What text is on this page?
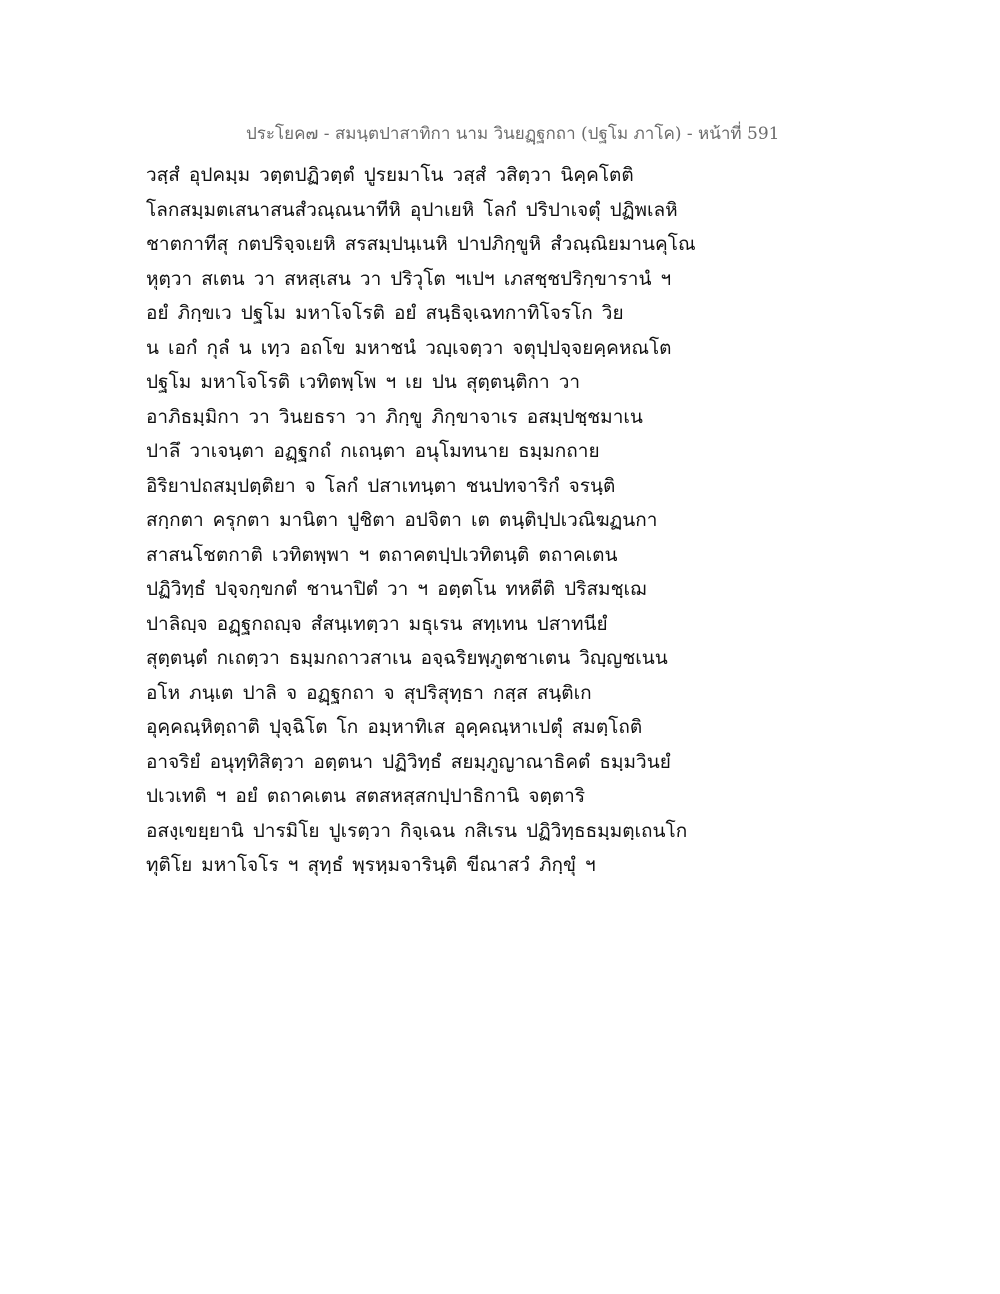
ประโยค๗ - สมนฺตปาสาทิกา นาม วินยฏฺฐกถา (ปฐโม ภาโค) - หน้าที่ 591
วสฺสํ อุปคมฺม วตฺตปฏิวตฺตํ ปูรยมาโน วสฺสํ วสิตฺวา นิคฺคโตติ
โลกสมฺมตเสนาสนสํวณฺณนาทีหิ อุปาเยหิ โลกํ ปริปาเจตุํ ปฏิพเลหิ
ชาตกาทีสุ กตปริจฺจเยหิ สรสมฺปนฺเนหิ ปาปภิกฺขูหิ สํวณฺณิยมานคุโณ
หุตฺวา สเตน วา สหสฺเสน วา ปริวุโต ฯเปฯ เภสชฺชปริกฺขารานํ ฯ
อยํ ภิกฺขเว ปฐโม มหาโจโรติ อยํ สนฺธิจฺเฉทกาทิโจรโก วิย
น เอกํ กุลํ น เทฺว อถโข มหาชนํ วญฺเจตฺวา จตุปฺปจฺจยคฺคหณโต
ปฐโม มหาโจโรติ เวทิตพฺโพ ฯ เย ปน สุตฺตนฺติกา วา
อาภิธมฺมิกา วา วินยธรา วา ภิกฺขู ภิกฺขาจาเร อสมฺปชฺชมาเน
ปาลึ วาเจนฺตา อฏฺฐกถํ กเถนฺตา อนุโมทนาย ธมฺมกถาย
อิริยาปถสมฺปตฺติยา จ โลกํ ปสาเทนฺตา ชนปทจาริกํ จรนฺติ
สกฺกตา ครุกตา มานิตา ปูชิตา อปจิตา เต ตนฺติปฺปเวณิฆฏนกา
สาสนโชตกาติ เวทิตพฺพา ฯ ตถาคตปฺปเวทิตนฺติ ตถาคเตน
ปฏิวิทฺธํ ปจฺจกฺขกตํ ชานาปิตํ วา ฯ อตฺตโน ทหตีติ ปริสมชฺเฌ
ปาลิญฺจ อฏฺฐกถญฺจ สํสนฺเทตฺวา มธุเรน สทฺเทน ปสาทนียํ
สุตฺตนฺตํ กเถตฺวา ธมฺมกถาวสาเน อจฺฉริยพฺภูตชาเตน วิญฺญชเนน
อโห ภนฺเต ปาลิ จ อฏฺฐกถา จ สุปริสุทฺธา กสฺส สนฺติเก
อุคฺคณฺหิตฺถาติ ปุจฺฉิโต โก อมฺหาทิเส อุคฺคณฺหาเปตุํ สมตฺโถติ
อาจริยํ อนุทฺทิสิตฺวา อตฺตนา ปฏิวิทฺธํ สยมฺภูญาณาธิคตํ ธมฺมวินยํ
ปเวเทติ ฯ อยํ ตถาคเตน สตสหสฺสกปฺปาธิกานิ จตฺตาริ
อสงฺเขยฺยานิ ปารมิโย ปูเรตฺวา กิจฺเฉน กสิเรน ปฏิวิทฺธธมฺมตฺเถนโก
ทุติโย มหาโจโร ฯ สุทฺธํ พฺรหฺมจารินฺติ ขีณาสวํ ภิกฺขุํ ฯ
